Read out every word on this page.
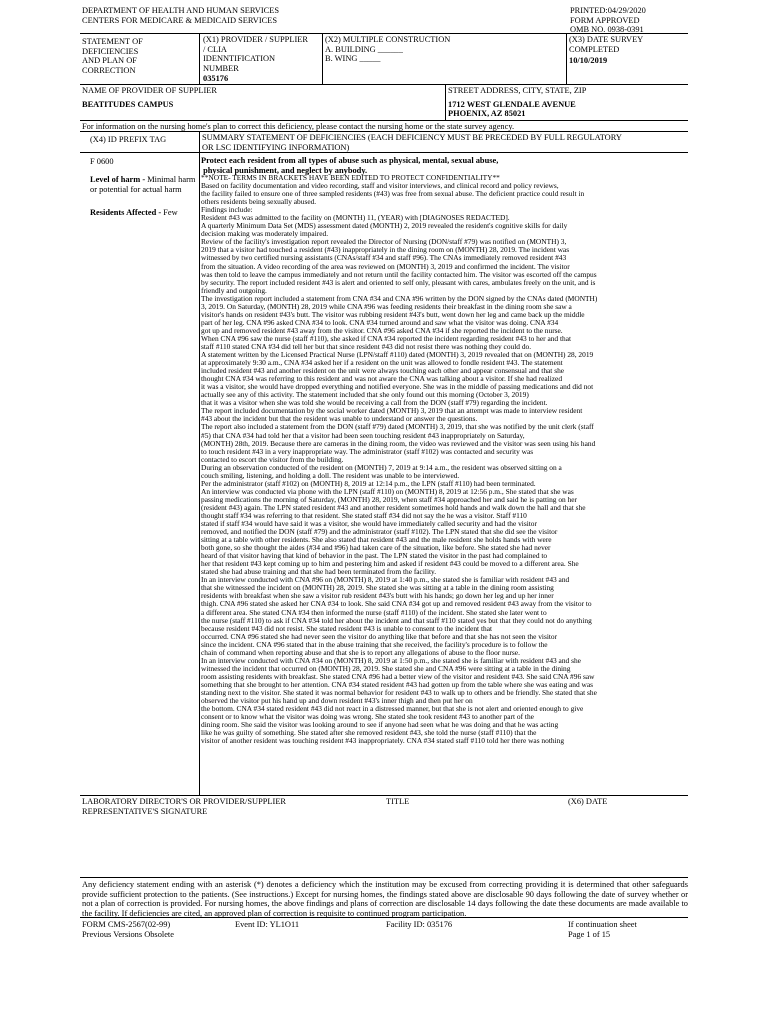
DEPARTMENT OF HEALTH AND HUMAN SERVICES
CENTERS FOR MEDICARE & MEDICAID SERVICES
PRINTED:04/29/2020
FORM APPROVED
OMB NO. 0938-0391
STATEMENT OF
DEFICIENCIES
AND PLAN OF
CORRECTION
(X1) PROVIDER / SUPPLIER
/ CLIA
IDENNTIFICATION
NUMBER
035176
(X2) MULTIPLE CONSTRUCTION
A. BUILDING ______
B. WING _____
(X3) DATE SURVEY
COMPLETED
10/10/2019
NAME OF PROVIDER OF SUPPLIER
BEATITUDES CAMPUS
STREET ADDRESS, CITY, STATE, ZIP
1712 WEST GLENDALE AVENUE
PHOENIX, AZ 85021
For information on the nursing home's plan to correct this deficiency, please contact the nursing home or the state survey agency.
(X4) ID PREFIX TAG	SUMMARY STATEMENT OF DEFICIENCIES (EACH DEFICIENCY MUST BE PRECEDED BY FULL REGULATORY
OR LSC IDENTIFYING INFORMATION)
F 0600
Level of harm - Minimal harm or potential for actual harm
Residents Affected - Few
Protect each resident from all types of abuse such as physical, mental, sexual abuse,
physical punishment, and neglect by anybody.
**NOTE- TERMS IN BRACKETS HAVE BEEN EDITED TO PROTECT CONFIDENTIALITY**
Based on facility documentation and video recording, staff and visitor interviews, and clinical record and policy reviews,
the facility failed to ensure one of three sampled residents (#43) was free from sexual abuse. The deficient practice could result in
others residents being sexually abused.
Findings include:
Resident #43 was admitted to the facility on (MONTH) 11, (YEAR) with [DIAGNOSES REDACTED].
A quarterly Minimum Data Set (MDS) assessment dated (MONTH) 2, 2019 revealed the resident's cognitive skills for daily
decision making was moderately impaired.
Review of the facility's investigation report revealed the Director of Nursing (DON/staff #79) was notified on (MONTH) 3,
2019 that a visitor had touched a resident (#43) inappropriately in the dining room on (MONTH) 28, 2019. The incident was
witnessed by two certified nursing assistants (CNAs/staff #34 and staff #96). The CNAs immediately removed resident #43
from the situation. A video recording of the area was reviewed on (MONTH) 3, 2019 and confirmed the incident. The visitor
was then told to leave the campus immediately and not return until the facility contacted him. The visitor was escorted off the campus
by security. The report included resident #43 is alert and oriented to self only, pleasant with cares, ambulates freely on the unit, and is
friendly and outgoing.
The investigation report included a statement from CNA #34 and CNA #96 written by the DON signed by the CNAs dated (MONTH)
3, 2019. On Saturday, (MONTH) 28, 2019 while CNA #96 was feeding residents their breakfast in the dining room she saw a
visitor's hands on resident #43's butt. The visitor was rubbing resident #43's butt, went down her leg and came back up the middle
part of her leg. CNA #96 asked CNA #34 to look. CNA #34 turned around and saw what the visitor was doing. CNA #34
got up and removed resident #43 away from the visitor. CNA #96 asked CNA #34 if she reported the incident to the nurse.
When CNA #96 saw the nurse (staff #110), she asked if CNA #34 reported the incident regarding resident #43 to her and that
staff #110 stated CNA #34 did tell her but that since resident #43 did not resist there was nothing they could do.
A statement written by the Licensed Practical Nurse (LPN/staff #110) dated (MONTH) 3, 2019 revealed that on (MONTH) 28, 2019
at approximately 9:30 a.m., CNA #34 asked her if a resident on the unit was allowed to fondle resident #43. The statement
included resident #43 and another resident on the unit were always touching each other and appear consensual and that she
thought CNA #34 was referring to this resident and was not aware the CNA was talking about a visitor. If she had realized
it was a visitor, she would have dropped everything and notified everyone. She was in the middle of passing medications and did not
actually see any of this activity. The statement included that she only found out this morning (October 3, 2019)
that it was a visitor when she was told she would be receiving a call from the DON (staff #79) regarding the incident.
The report included documentation by the social worker dated (MONTH) 3, 2019 that an attempt was made to interview resident
#43 about the incident but that the resident was unable to understand or answer the questions.
The report also included a statement from the DON (staff #79) dated (MONTH) 3, 2019, that she was notified by the unit clerk (staff
#5) that CNA #34 had told her that a visitor had been seen touching resident #43 inappropriately on Saturday,
(MONTH) 28th, 2019. Because there are cameras in the dining room, the video was reviewed and the visitor was seen using his hand
to touch resident #43 in a very inappropriate way. The administrator (staff #102) was contacted and security was
contacted to escort the visitor from the building.
During an observation conducted of the resident on (MONTH) 7, 2019 at 9:14 a.m., the resident was observed sitting on a
couch smiling, listening, and holding a doll. The resident was unable to be interviewed.
Per the administrator (staff #102) on (MONTH) 8, 2019 at 12:14 p.m., the LPN (staff #110) had been terminated.
An interview was conducted via phone with the LPN (staff #110) on (MONTH) 8, 2019 at 12:56 p.m., She stated that she was
passing medications the morning of Saturday, (MONTH) 28, 2019, when staff #34 approached her and said he is patting on her
(resident #43) again. The LPN stated resident #43 and another resident sometimes hold hands and walk down the hall and that she
thought staff #34 was referring to that resident. She stated staff #34 did not say the he was a visitor. Staff #110
stated if staff #34 would have said it was a visitor, she would have immediately called security and had the visitor
removed, and notified the DON (staff #79) and the administrator (staff #102). The LPN stated that she did see the visitor
sitting at a table with other residents. She also stated that resident #43 and the male resident she holds hands with were
both gone, so she thought the aides (#34 and #96) had taken care of the situation, like before. She stated she had never
heard of that visitor having that kind of behavior in the past. The LPN stated the visitor in the past had complained to
her that resident #43 kept coming up to him and pestering him and asked if resident #43 could be moved to a different area. She
stated she had abuse training and that she had been terminated from the facility.
In an interview conducted with CNA #96 on (MONTH) 8, 2019 at 1:40 p.m., she stated she is familiar with resident #43 and
that she witnessed the incident on (MONTH) 28, 2019. She stated she was sitting at a table in the dining room assisting
residents with breakfast when she saw a visitor rub resident #43's butt with his hands; go down her leg and up her inner
thigh. CNA #96 stated she asked her CNA #34 to look. She said CNA #34 got up and removed resident #43 away from the visitor to
a different area. She stated CNA #34 then informed the nurse (staff #110) of the incident. She stated she later went to
the nurse (staff #110) to ask if CNA #34 told her about the incident and that staff #110 stated yes but that they could not do anything
because resident #43 did not resist. She stated resident #43 is unable to consent to the incident that
occurred. CNA #96 stated she had never seen the visitor do anything like that before and that she has not seen the visitor
since the incident. CNA #96 stated that in the abuse training that she received, the facility's procedure is to follow the
chain of command when reporting abuse and that she is to report any allegations of abuse to the floor nurse.
In an interview conducted with CNA #34 on (MONTH) 8, 2019 at 1:50 p.m., she stated she is familiar with resident #43 and she
witnessed the incident that occurred on (MONTH) 28, 2019. She stated she and CNA #96 were sitting at a table in the dining
room assisting residents with breakfast. She stated CNA #96 had a better view of the visitor and resident #43. She said CNA #96 saw
something that she brought to her attention. CNA #34 stated resident #43 had gotten up from the table where she was eating and was
standing next to the visitor. She stated it was normal behavior for resident #43 to walk up to others and be friendly. She stated that she
observed the visitor put his hand up and down resident #43's inner thigh and then put her on
the bottom. CNA #34 stated resident #43 did not react in a distressed manner, but that she is not alert and oriented enough to give
consent or to know what the visitor was doing was wrong. She stated she took resident #43 to another part of the
dining room. She said the visitor was looking around to see if anyone had seen what he was doing and that he was acting
like he was guilty of something. She stated after she removed resident #43, she told the nurse (staff #110) that the
visitor of another resident was touching resident #43 inappropriately. CNA #34 stated staff #110 told her there was nothing
LABORATORY DIRECTOR'S OR PROVIDER/SUPPLIER
REPRESENTATIVE'S SIGNATURE
TITLE	(X6) DATE
Any deficiency statement ending with an asterisk (*) denotes a deficiency which the institution may be excused from correcting providing it is determined that other safeguards provide sufficient protection to the patients. (See instructions.) Except for nursing homes, the findings stated above are disclosable 90 days following the date of survey whether or not a plan of correction is provided. For nursing homes, the above findings and plans of correction are disclosable 14 days following the date these documents are made available to the facility. If deficiencies are cited, an approved plan of correction is requisite to continued program participation.
FORM CMS-2567(02-99)
Previous Versions Obsolete
Event ID: YL1O11	Facility ID: 035176	If continuation sheet
Page 1 of 15
